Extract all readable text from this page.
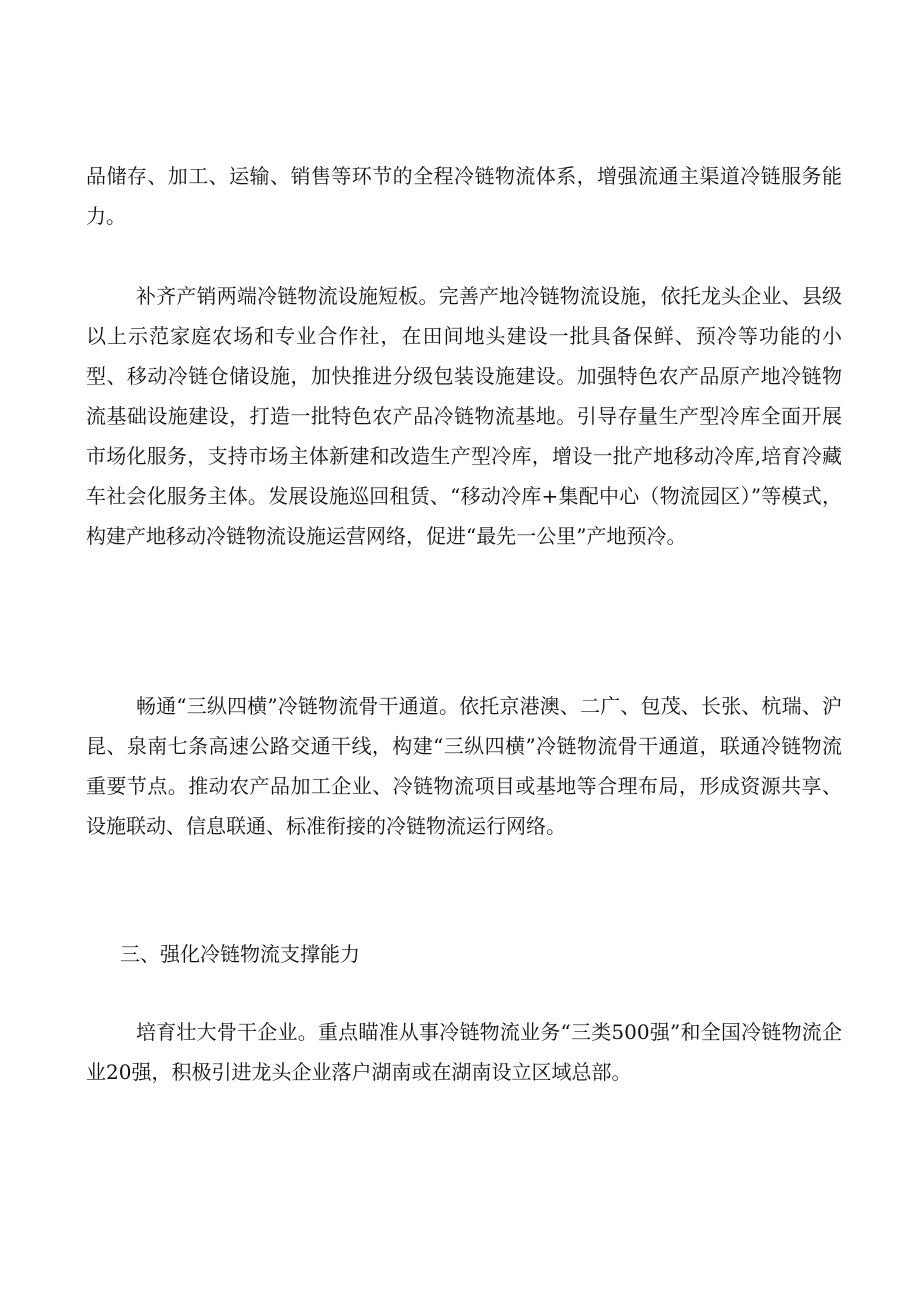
品储存、加工、运输、销售等环节的全程冷链物流体系，增强流通主渠道冷链服务能力。

补齐产销两端冷链物流设施短板。完善产地冷链物流设施，依托龙头企业、县级以上示范家庭农场和专业合作社，在田间地头建设一批具备保鲜、预冷等功能的小型、移动冷链仓储设施，加快推进分级包装设施建设。加强特色农产品原产地冷链物流基础设施建设，打造一批特色农产品冷链物流基地。引导存量生产型冷库全面开展市场化服务，支持市场主体新建和改造生产型冷库，增设一批产地移动冷库,培育冷藏车社会化服务主体。发展设施巡回租赁、“移动冷库+集配中心（物流园区）”等模式，构建产地移动冷链物流设施运营网络，促进“最先一公里”产地预冷。

畅通“三纵四横”冷链物流骨干通道。依托京港澳、二广、包茂、长张、杭瑞、沪昆、泉南七条高速公路交通干线，构建“三纵四横”冷链物流骨干通道，联通冷链物流重要节点。推动农产品加工企业、冷链物流项目或基地等合理布局，形成资源共享、设施联动、信息联通、标准衔接的冷链物流运行网络。

三、强化冷链物流支撑能力

培育壮大骨干企业。重点瞄准从事冷链物流业务“三类500强”和全国冷链物流企业20强，积极引进龙头企业落户湖南或在湖南设立区域总部。
